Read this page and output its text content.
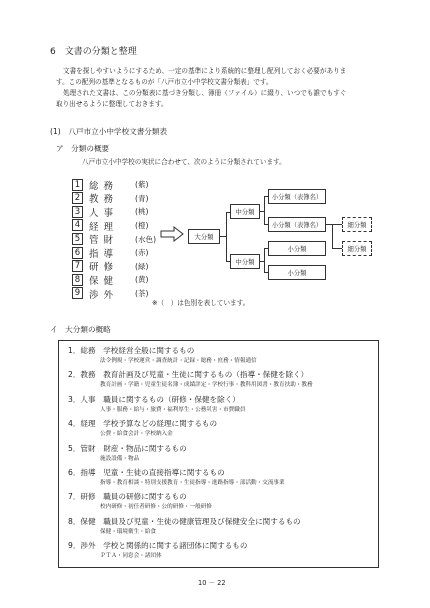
6　文書の分類と整理
文書を探しやすいようにするため、一定の基準により系統的に整理し配列しておく必要がありま
す。この配列の基準となるものが「八戸市立小中学校文書分類表」です。
処理された文書は、この分類表に基づき分類し、簿冊（ファイル）に綴り、いつでも誰でもすぐ
取り出せるように整理しておきます。
(1)　八戸市立小中学校文書分類表
ア　分類の概要
八戸市立小中学校の実状に合わせて、次のように分類されています。
1 総務	(紫)
2 教務	(青)
3 人事	(桃)
4 経理	(橙)
5 管財	(水色)
6 指導	(赤)
7 研修	(緑)
8 保健	(黄)
9 渉外	(茶)
※（　）は色別を表しています。
大分類
中分類
中分類
小分類（表簿名）
小分類（表簿名）
小分類
小分類
細分類
細分類
イ　大分類の概略
1．総務　学校経営全般に関するもの
法令例規・学校運営・調査統計・記録・総務・庶務・情報通信
2．教務　教育計画及び児童・生徒に関するもの（指導・保健を除く）
教育計画・学籍・児童生徒名簿・成績評定・学校行事・教科用図書・教育扶助・教務
3．人事　職員に関するもの（研修・保健を除く）
人事・服務・給与・旅費・福利厚生・公務災害・市費職員
4．経理　学校予算などの経理に関するもの
公費・給食会計・学校納入金
5．管財　財産・物品に関するもの
施設設備・物品
6．指導　児童・生徒の直接指導に関するもの
指導・教育相談・特別支援教育・生徒指導・進路指導・部活動・交流事業
7．研修　職員の研修に関するもの
校内研修・初任者研修・公的研修・一般研修
8．保健　職員及び児童・生徒の健康管理及び保健安全に関するもの
保健・環境衛生・給食
9．渉外　学校と関係的に関する諸団体に関するもの
ＰＴＡ・同窓会・諸団体
10 － 22
